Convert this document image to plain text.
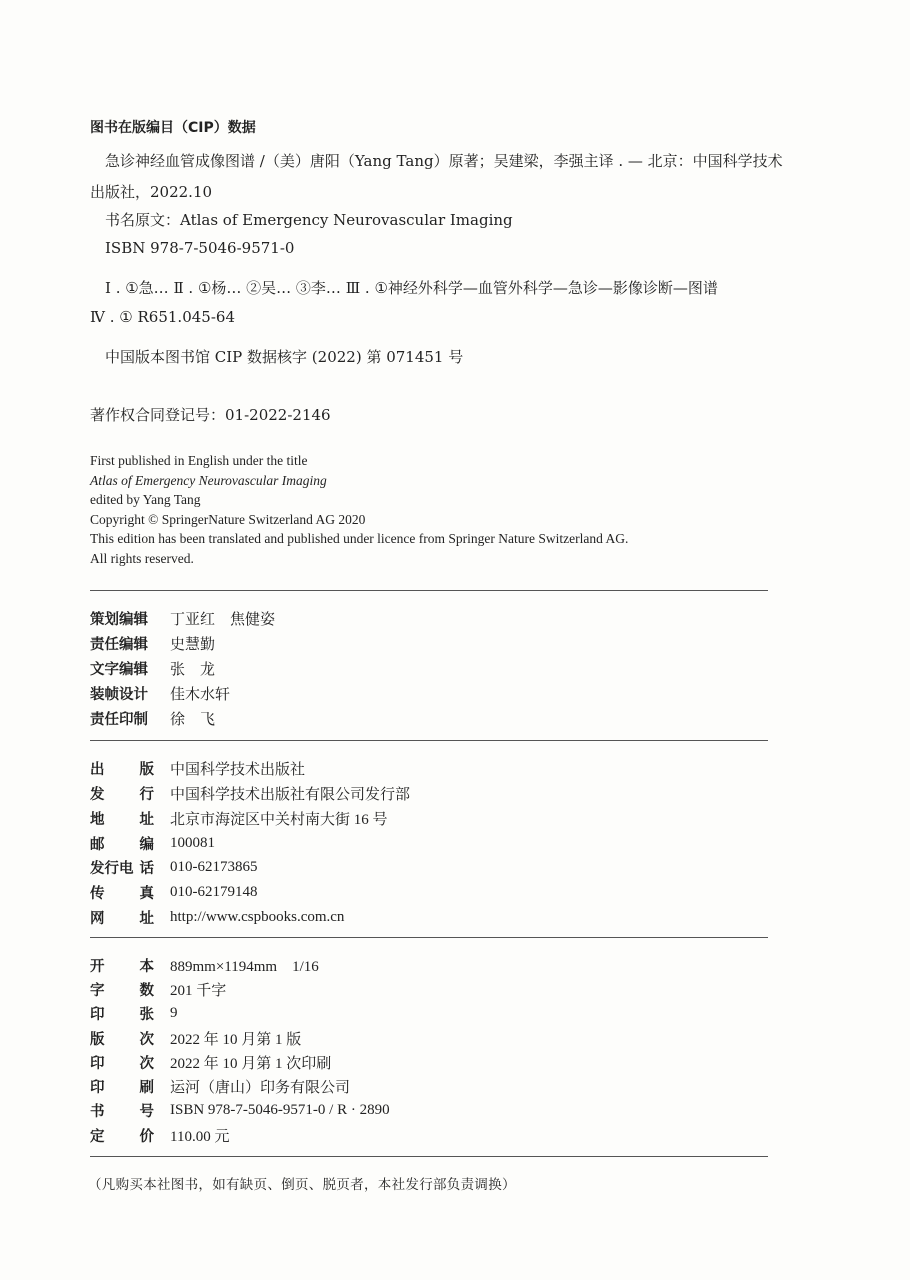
图书在版编目（CIP）数据
急诊神经血管成像图谱 /（美）唐阳（Yang Tang）原著；吴建梁，李强主译 . — 北京：中国科学技术
出版社，2022.10
书名原文：Atlas of Emergency Neurovascular Imaging
ISBN 978-7-5046-9571-0
Ⅰ . ①急… Ⅱ . ①杨… ②吴… ③李… Ⅲ . ①神经外科学—血管外科学—急诊—影像诊断—图谱
Ⅳ . ① R651.045-64
中国版本图书馆 CIP 数据核字 (2022) 第 071451 号
著作权合同登记号：01-2022-2146
First published in English under the title
Atlas of Emergency Neurovascular Imaging
edited by Yang Tang
Copyright © SpringerNature Switzerland AG 2020
This edition has been translated and published under licence from Springer Nature Switzerland AG.
All rights reserved.
策划编辑	丁亚红　焦健姿
责任编辑	史慧勤
文字编辑	张　龙
装帧设计	佳木水轩
责任印制	徐　飞
出 版 中国科学技术出版社
发 行 中国科学技术出版社有限公司发行部
地 址 北京市海淀区中关村南大街 16 号
邮 编 100081
发行电 话 010-62173865
传 真 010-62179148
网 址 http://www.cspbooks.com.cn
开 本 889mm×1194mm　1/16
字 数 201 千字
印 张 9
版 次 2022 年 10 月第 1 版
印 次 2022 年 10 月第 1 次印刷
印 刷 运河（唐山）印务有限公司
书 号 ISBN 978-7-5046-9571-0 / R · 2890
定 价 110.00 元
（凡购买本社图书，如有缺页、倒页、脱页者，本社发行部负责调换）
